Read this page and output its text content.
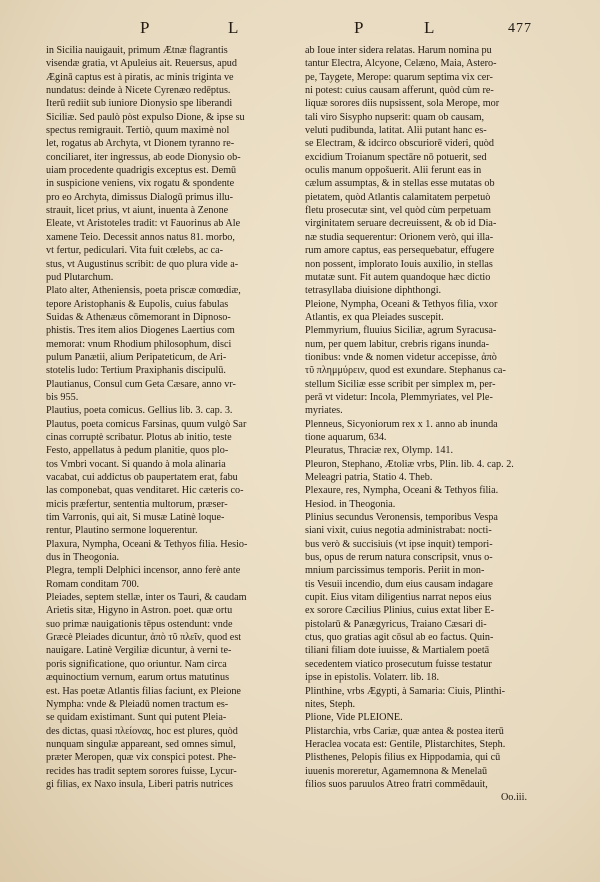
P	L	P	L	477
in Sicilia nauigauit, primum Ætnæ flagrantis
visendæ gratia, vt Apuleius ait. Reuersus, apud
Æginā captus est à piratis, ac minis triginta ve
nundatus: deinde à Nicete Cyrenæo redēptus.
Iterū rediit sub iuniore Dionysio spe liberandi
Siciliæ. Sed paulò pòst expulso Dione, & ipse su
spectus remigrauit. Tertiò, quum maximè nol
let, rogatus ab Archyta, vt Dionem tyranno re-
conciliaret, iter ingressus, ab eode Dionysio ob-
uiam procedente quadrigis exceptus est. Demū
in suspicione veniens, vix rogatu & spondente
pro eo Archyta, dimissus Dialogū primus illu-
strauit, licet prius, vt aiunt, inuenta à Zenone
Eleate, vt Aristoteles tradit: vt Fauorinus ab Ale
xamene Teio. Decessit annos natus 81. morbo,
vt fertur, pediculari. Vita fuit cœlebs, ac ca-
stus, vt Augustinus scribit: de quo plura vide a-
pud Plutarchum.
Plato alter, Atheniensis, poeta priscæ comœdiæ,
tepore Aristophanis & Eupolis, cuius fabulas
Suidas & Athenæus cōmemorant in Dipnoso-
phistis. Tres item alios Diogenes Laertius com
memorat: vnum Rhodium philosophum, disci
pulum Panætii, alium Peripateticum, de Ari-
stotelis ludo: Tertium Praxiphanis discipulū.
Plautianus, Consul cum Geta Cæsare, anno vr-
bis 955.
Plautius, poeta comicus. Gellius lib. 3. cap. 3.
Plautus, poeta comicus Farsinas, quum vulgò Sar
cinas corruptè scribatur. Plotus ab initio, teste
Festo, appellatus à pedum planitie, quos plo-
tos Vmbri vocant. Si quando à mola alinaria
vacabat, cui addictus ob paupertatem erat, fabu
las componebat, quas venditaret. Hic cæteris co-
micis præfertur, sententia multorum, præser-
tim Varronis, qui ait, Si musæ Latinè loque-
rentur, Plautino sermone loquerentur.
Plaxura, Nympha, Oceani & Tethyos filia. Hesio-
dus in Theogonia.
Plegra, templi Delphici incensor, anno ferè ante
Romam conditam 700.
Pleiades, septem stellæ, inter os Tauri, & caudam
Arietis sitæ, Higyno in Astron. poet. quæ ortu
suo primæ nauigationis tēpus ostendunt: vnde
Græcè Pleiades dicuntur, ἀπὸ τῦ πλεῖν, quod est
nauigare. Latinè Vergiliæ dicuntur, à verni te-
poris significatione, quo oriuntur. Nam circa
æquinoctium vernum, earum ortus matutinus
est. Has poetæ Atlantis filias faciunt, ex Pleione
Nympha: vnde & Pleiadū nomen tractum es-
se quidam existimant. Sunt qui putent Pleia-
des dictas, quasi πλείονας, hoc est plures, quòd
nunquam singulæ appareant, sed omnes simul,
præter Meropen, quæ vix conspici potest. Phe-
recides has tradit septem sorores fuisse, Lycur-
gi filias, ex Naxo insula, Liberi patris nutrices
ab Ioue inter sidera relatas. Harum nomina pu
tantur Electra, Alcyone, Celæno, Maia, Astero-
pe, Taygete, Merope: quarum septima vix cer-
ni potest: cuius causam afferunt, quòd cùm re-
liquæ sorores diis nupsissent, sola Merope, mor
tali viro Sisypho nupserit: quam ob causam,
veluti pudibunda, latitat. Alii putant hanc es-
se Electram, & idcirco obscuriorē videri, quòd
excidium Troianum spectāre nō potuerit, sed
oculis manum oppošuerit. Alii ferunt eas in
cælum assumptas, & in stellas esse mutatas ob
pietatem, quòd Atlantis calamitatem perpetuò
fletu prosecutæ sint, vel quòd cùm perpetuam
virginitatem seruare decreuissent, & ob id Dia-
næ studia sequerentur: Orionem verò, qui illa-
rum amore captus, eas persequebatur, effugere
non possent, implorato Iouis auxilio, in stellas
mutatæ sunt. Fit autem quandoque hæc dictio
tetrasyllaba diuisione diphthongi.
Pleione, Nympha, Oceani & Tethyos filia, vxor
Atlantis, ex qua Pleiades suscepit.
Plemmyrium, fluuius Siciliæ, agrum Syracusa-
num, per quem labitur, crebris rigans inunda-
tionibus: vnde & nomen videtur accepisse, ἀπὸ
τῦ πλημμύρειν, quod est exundare. Stephanus ca-
stellum Siciliæ esse scribit per simplex m, per-
perā vt videtur: Incola, Plemmyriates, vel Ple-
myriates.
Plenneus, Sicyoniorum rex x 1. anno ab inunda
tione aquarum, 634.
Pleuratus, Thraciæ rex, Olymp. 141.
Pleuron, Stephano, Ætoliæ vrbs, Plin. lib. 4. cap. 2.
Meleagri patria, Statio 4. Theb.
Plexaure, res, Nympha, Oceani & Tethyos filia.
Hesiod. in Theogonia.
Plinius secundus Veronensis, temporibus Vespa
siani vixit, cuius negotia administrabat: nocti-
bus verò & succisiuis (vt ipse inquit) tempori-
bus, opus de rerum natura conscripsit, vnus o-
mnium parcissimus temporis. Periit in mon-
tis Vesuii incendio, dum eius causam indagare
cupit. Eius vitam diligentius narrat nepos eius
ex sorore Cæcilius Plinius, cuius extat liber E-
pistolarū & Panægyricus, Traiano Cæsari di-
ctus, quo gratias agit cōsul ab eo factus. Quin-
tiliani filiam dote iuuisse, & Martialem poetā
secedentem viatico prosecutum fuisse testatur
ipse in epistolis. Volaterr. lib. 18.
Plinthine, vrbs Ægypti, à Samaria: Ciuis, Plinthi-
nites, Steph.
Plione, Vide PLEIONE.
Plistarchia, vrbs Cariæ, quæ antea & postea iterū
Heraclea vocata est: Gentile, Plistarchites, Steph.
Plisthenes, Pelopis filius ex Hippodamia, qui cū
iuuenis moreretur, Agamemnona & Menelaū
filios suos paruulos Atreo fratri commēdauit,
Oo.iii.
